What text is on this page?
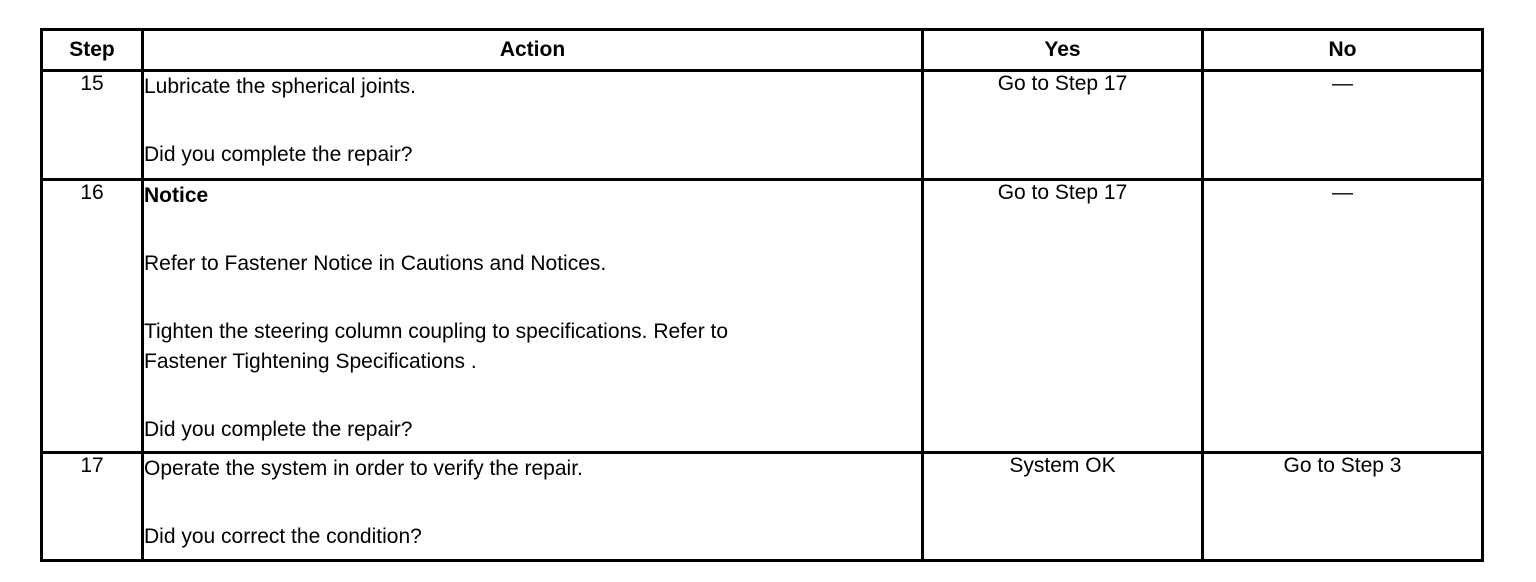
Step	Action	Yes	No
15	Lubricate the spherical joints.
Did you complete the repair?	Go to Step 17	—
16	Notice
Refer to Fastener Notice in Cautions and Notices.
Tighten the steering column coupling to specifications. Refer to
Fastener Tightening Specifications .
Did you complete the repair?	Go to Step 17	—
17	Operate the system in order to verify the repair.
Did you correct the condition?	System OK	Go to Step 3
